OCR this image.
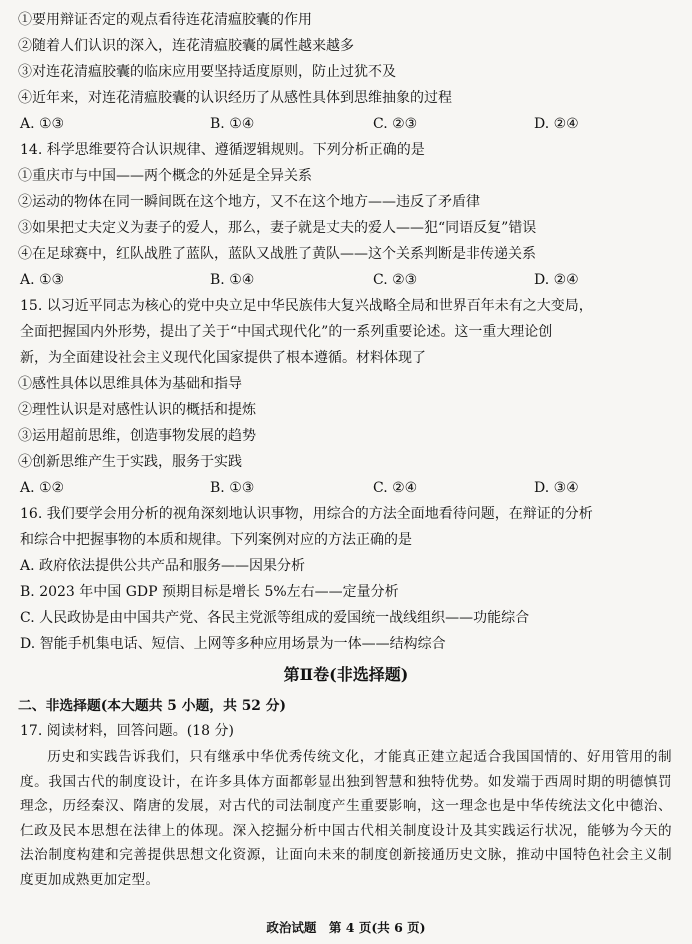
①要用辩证否定的观点看待连花清瘟胶囊的作用
②随着人们认识的深入，连花清瘟胶囊的属性越来越多
③对连花清瘟胶囊的临床应用要坚持适度原则，防止过犹不及
④近年来，对连花清瘟胶囊的认识经历了从感性具体到思维抽象的过程
A. ①③	B. ①④	C. ②③	D. ②④
14. 科学思维要符合认识规律、遵循逻辑规则。下列分析正确的是
①重庆市与中国——两个概念的外延是全异关系
②运动的物体在同一瞬间既在这个地方，又不在这个地方——违反了矛盾律
③如果把丈夫定义为妻子的爱人，那么，妻子就是丈夫的爱人——犯“同语反复”错误
④在足球赛中，红队战胜了蓝队，蓝队又战胜了黄队——这个关系判断是非传递关系
A. ①③	B. ①④	C. ②③	D. ②④
15. 以习近平同志为核心的党中央立足中华民族伟大复兴战略全局和世界百年未有之大变局，
全面把握国内外形势，提出了关于“中国式现代化”的一系列重要论述。这一重大理论创
新，为全面建设社会主义现代化国家提供了根本遵循。材料体现了
①感性具体以思维具体为基础和指导
②理性认识是对感性认识的概括和提炼
③运用超前思维，创造事物发展的趋势
④创新思维产生于实践，服务于实践
A. ①②	B. ①③	C. ②④	D. ③④
16. 我们要学会用分析的视角深刻地认识事物，用综合的方法全面地看待问题，在辩证的分析
和综合中把握事物的本质和规律。下列案例对应的方法正确的是
A. 政府依法提供公共产品和服务——因果分析
B. 2023 年中国 GDP 预期目标是增长 5%左右——定量分析
C. 人民政协是由中国共产党、各民主党派等组成的爱国统一战线组织——功能综合
D. 智能手机集电话、短信、上网等多种应用场景为一体——结构综合
第Ⅱ卷(非选择题)
二、非选择题(本大题共 5 小题，共 52 分)
17. 阅读材料，回答问题。(18 分)
历史和实践告诉我们，只有继承中华优秀传统文化，才能真正建立起适合我国国情的、好用管用的制度。我国古代的制度设计，在许多具体方面都彰显出独到智慧和独特优势。如发端于西周时期的明德慎罚理念，历经秦汉、隋唐的发展，对古代的司法制度产生重要影响，这一理念也是中华传统法文化中德治、仁政及民本思想在法律上的体现。深入挖掘分析中国古代相关制度设计及其实践运行状况，能够为今天的法治制度构建和完善提供思想文化资源，让面向未来的制度创新接通历史文脉，推动中国特色社会主义制度更加成熟更加定型。
政治试题　第 4 页(共 6 页)
